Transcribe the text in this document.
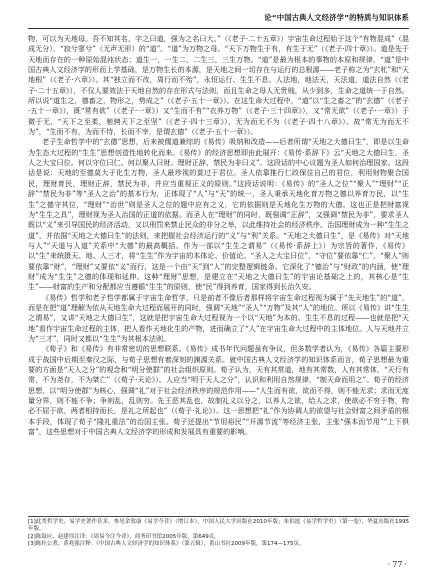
论“中国古典人文经济学”的特质与知识体系

物，可以为天地母。吾不知其名，字之曰道，强为之名曰大。”（《老子·二十五章》）宇宙生命过程始于这个“有物混成”（混成无分），“寂兮寥兮”（无声无形）的“道”。“道”为万物之母。“天下万物生于有，有生于无”（《老子·四十章》）。道是先于天地而存在的一种原始混沌状态；道生一，一生二，二生三，三生万物。“道”是最为根本的事物的本原和规律，“道”是中国古典人文经济学的形而上学基础，是万物生长的本源，是天地之间一切存在与运行的总根源——老子称之为“玄牝”和“天地根”（《老子·六章》）。其“独立而不改，周行而不殆”，永恒运行、生生不息。人法地，地法天，天法道，道法自然（《老子·二十五章》），不仅人要效法于天地自然的存在形式与法则，而且生命之母人无贵贱，从少到多，生命之道统一于自然。所以说“道生之，德畜之，物形之，势成之”（《老子·五十一章》）。在这生命大过程中，“道”以“生之畜之”的“玄德”（《老子·五十一章》），既“常有欲”（《老子·一章》）又“生而不有”“衣养万物”（《老子·三十四章》），又“常无欲”（《老子·一章》）于微于无，“天下之至柔，驰骋天下之至坚”（《老子·四十三章》），无为而无不为（《老子·四十八章》）。故“常无为而无不为”，“生而不有，为而不恃，长而不宰，是谓玄德”（《老子·五十一章》）。

老子生命哲学中的“玄德”思想，后来被儒道兼综的《易传》吸纳和改造——后者所谓“天地之大德曰生”，即是以生命为生态大过程的“生生”思想创造性地转化而来。《易传》的经济思想即由此展开：《易传·系辞下》云“天地之大德曰生，圣人之大宝曰位。何以守位曰仁。何以聚人曰财。理财正辞、禁民为非曰义”。这段话的中心议题为圣人如何治理国家。这段话是说：天地的至德莫大于化生万物，圣人最珍视的莫过于君位。圣人依靠推行仁政保住自己的君位，利用财物聚合国民，理财育民，理财正辞，禁民为非，并应当重视正义的原则。”这段话说明：《易传》的“圣人之位”“聚人”“理财”“正辞”“禁民为非”等“圣人之治”的基本行为，正体现了“人”与“天”的统一，圣人秉承天地化育万物之德以养育万民，以“生生”之德守其位，“理财”“治世”则是圣人之位的题中应有之义，它的依据则是天地化生万物的大德。这也正是把财富视为“生生之具”，理财视为圣人治国的正道的依据。而圣人在“理财”的同时，既强调“正辞”，又强调“禁民为非”，要求圣人既以“义”来引导国民的经济活动，又以刑罚来禁止民众的非分之举，以此维持社会的经济秩序。治国理财成为一种“生生之道”，并依据“天地之大德曰生”的法则，来把握社会经济运行的“义”与“利”关系。“天地之大德曰生”，是《易传》对“天地与人”“天道与人道”关系中“大德”的最高概括。作为一部以“生生之谓易”（《易传·系辞上》）为宗旨的著作，《易传》以“生”来统摄天、地、人三才，将“生生”作为宇宙的本体论、价值论。“圣人之大宝曰位”，“守位”要依靠“仁”，“聚人”则要依靠“财”，“理财”又要依“义”而行，这是一个由“天”到“人”的完整逻辑链条。它深化了“德治”与“财政”的内涵，使“理财”成为“生生”之德的体现和延伸。这种“理财”思想，是建立在“天地之大德曰生”的宇宙论基础之上的，其核心是“生生”——财富的生产和分配都应当遵循“生生”的原则，使“民”得到养育，国家得到长治久安。

《易传》哲学和老子哲学都属于宇宙生命哲学，只是前者不像后者那样将宇宙生命过程视为属于“先天地生”的“道”，而是在把“道”理解为依从天地生命大过程而展开的同时，强调“天地”“圣人”“万物”及其“人”的地位。所以《易传》讲“生生之谓易”，又讲“天地之大德曰生”，这就是把宇宙生命大过程视为一个以“天地”为本的、生生不息的过程——也就是把“天地”看作宇宙生命过程的主体，把人看作天地化生的产物，进而确立了“人”在宇宙生命大过程中的主体地位。人与天地并立为“三才”，同时又都以“生生”为其根本法则。

《荀子》和《易传》有非常密切的思想联系。《易传》成书年代问题虽有争议，但多数学者认为，《易传》各篇主要形成于战国中后期至秦汉之际，与荀子思想有着深刻的渊源关系。就中国古典人文经济学的知识体系而言，荀子思想最为重要的方面是“天人之分”的观念和“明分使群”的社会组织原则。荀子认为，天有其常道，地有其常数，人有其常体，“天行有常，不为尧存，不为桀亡”（《荀子·天论》）。人应当“明于天人之分”，认识和利用自然规律，“制天命而用之”。荀子的经济思想，以“明分使群”为核心，强调“礼”对于社会经济秩序的规范作用——“人生而有欲，欲而不得，则不能无求；求而无度量分界，则不能不争；争则乱，乱则穷。先王恶其乱也，故制礼义以分之，以养人之欲，给人之求，使欲必不穷于物，物必不屈于欲，两者相持而长，是礼之所起也”（《荀子·礼论》）。这一思想把“礼”作为协调人的欲望与社会财富之间矛盾的根本手段，体现了荀子“隆礼重法”的治国主张。荀子还提出“节用裕民”“开源节流”等经济主张，主张“强本而节用”“上下俱富”，这些思想对于中国古典人文经济学的形成和发展具有重要的影响。

[1]此类哲学史、易学史著作甚多，参见余敦康《易学今昔》（增订本），中国人民大学出版社2010年版；朱伯崑《易学哲学史》（第一卷），华夏出版社1995年版。

[2]陈鼓应、赵建伟注译：《周易今注今译》，商务印书馆2005年版，第649页。

[3]陈柱公著、黄兆强注释：《中国古典人文经济学的知识体系》（第五辑），黄山书社2009年版，第174—175页。

· 77 ·
